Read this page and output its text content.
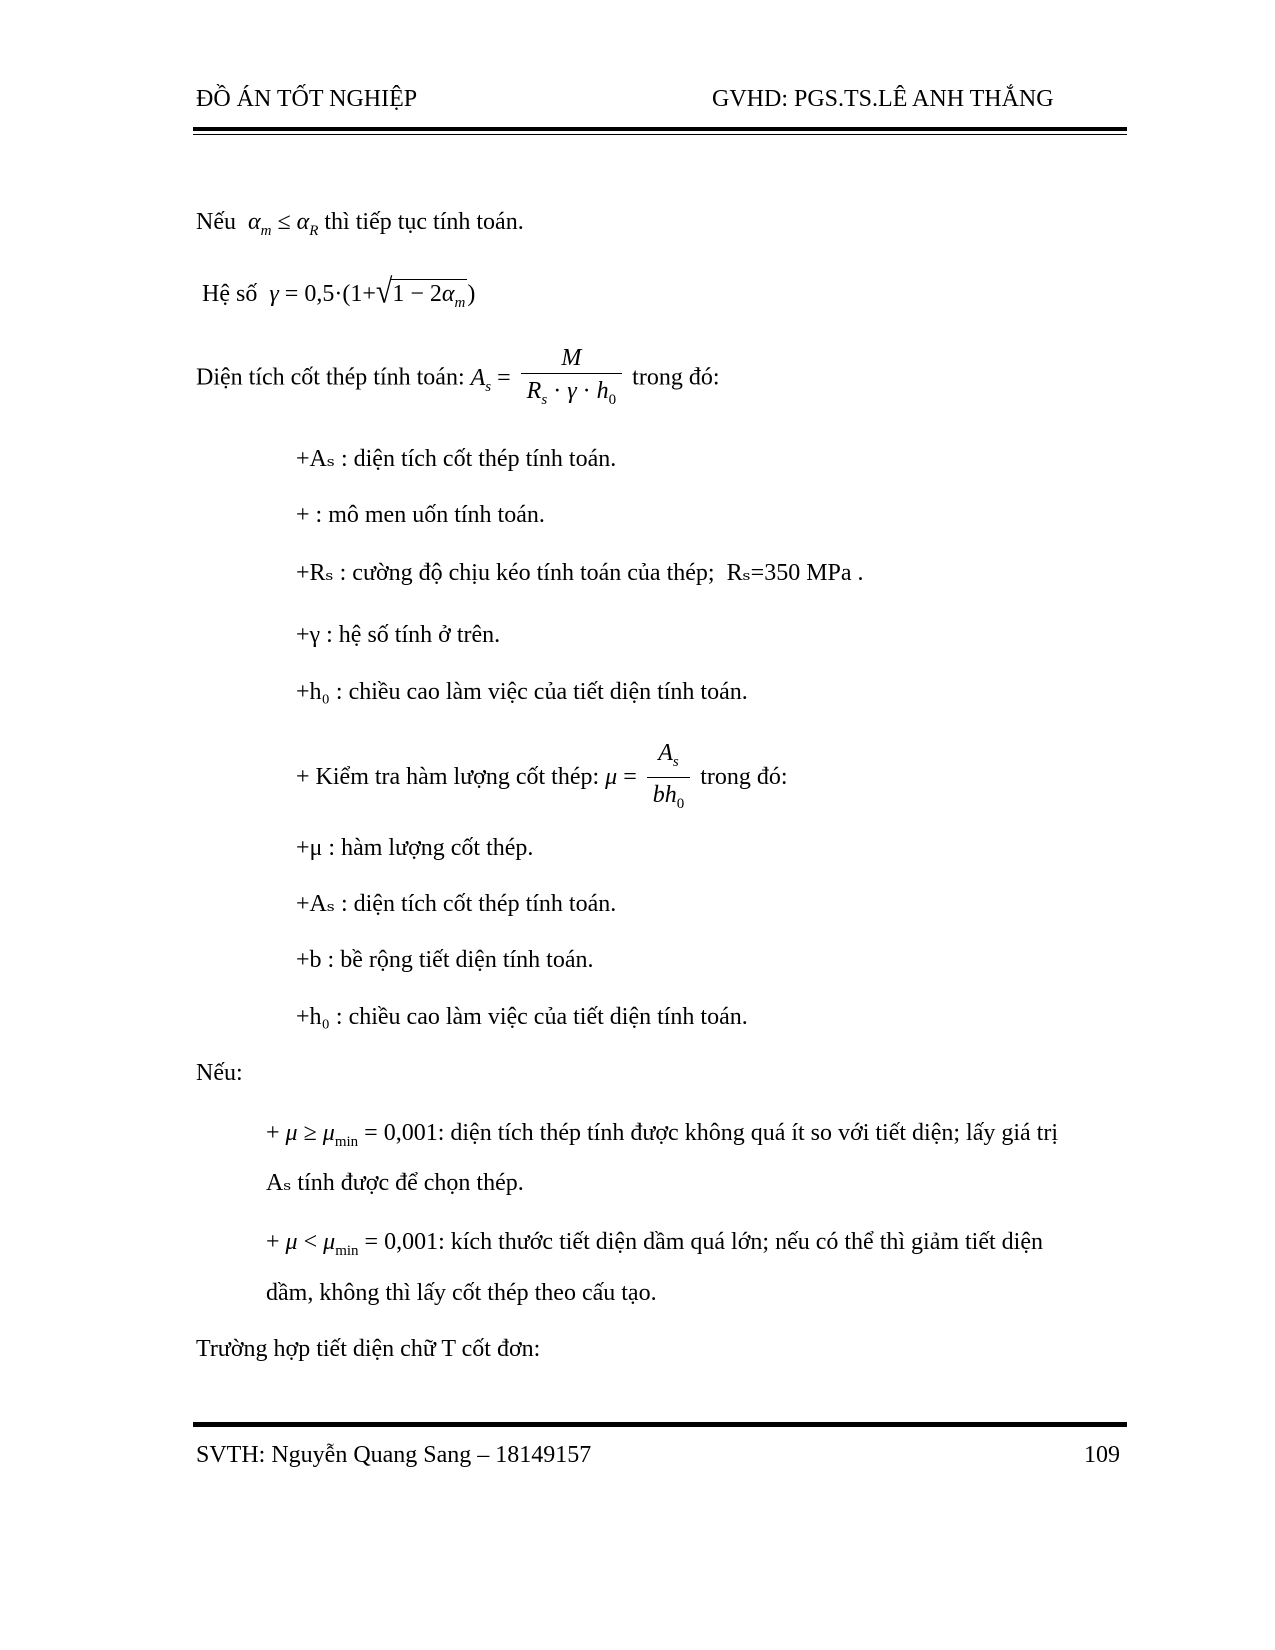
ĐỒ ÁN TỐT NGHIỆP	GVHD: PGS.TS.LÊ ANH THẮNG
Nếu $\alpha_m \le \alpha_R$ thì tiếp tục tính toán.
Hệ số $\gamma = 0,5\cdot(1+√1 - 2\alpha_m)$
Diện tích cốt thép tính toán: $A_s = \frac{M}{R_s \cdot \gamma \cdot h_0}$ trong đó:
+Aₛ : diện tích cốt thép tính toán.
+ : mô men uốn tính toán.
+Rₛ : cường độ chịu kéo tính toán của thép; Rₛ=350 MPa .
+γ : hệ số tính ở trên.
+h₀ : chiều cao làm việc của tiết diện tính toán.
+ Kiểm tra hàm lượng cốt thép: $\mu = \frac{A_s}{bh_0}$ trong đó:
+μ : hàm lượng cốt thép.
+Aₛ : diện tích cốt thép tính toán.
+b : bề rộng tiết diện tính toán.
+h₀ : chiều cao làm việc của tiết diện tính toán.
Nếu:
+ $\mu \ge \mu_{min} = 0,001$: diện tích thép tính được không quá ít so với tiết diện; lấy giá trị
Aₛ tính được để chọn thép.
+ $\mu < \mu_{min} = 0,001$: kích thước tiết diện dầm quá lớn; nếu có thể thì giảm tiết diện
dầm, không thì lấy cốt thép theo cấu tạo.
Trường hợp tiết diện chữ T cốt đơn:
SVTH: Nguyễn Quang Sang – 18149157	109
